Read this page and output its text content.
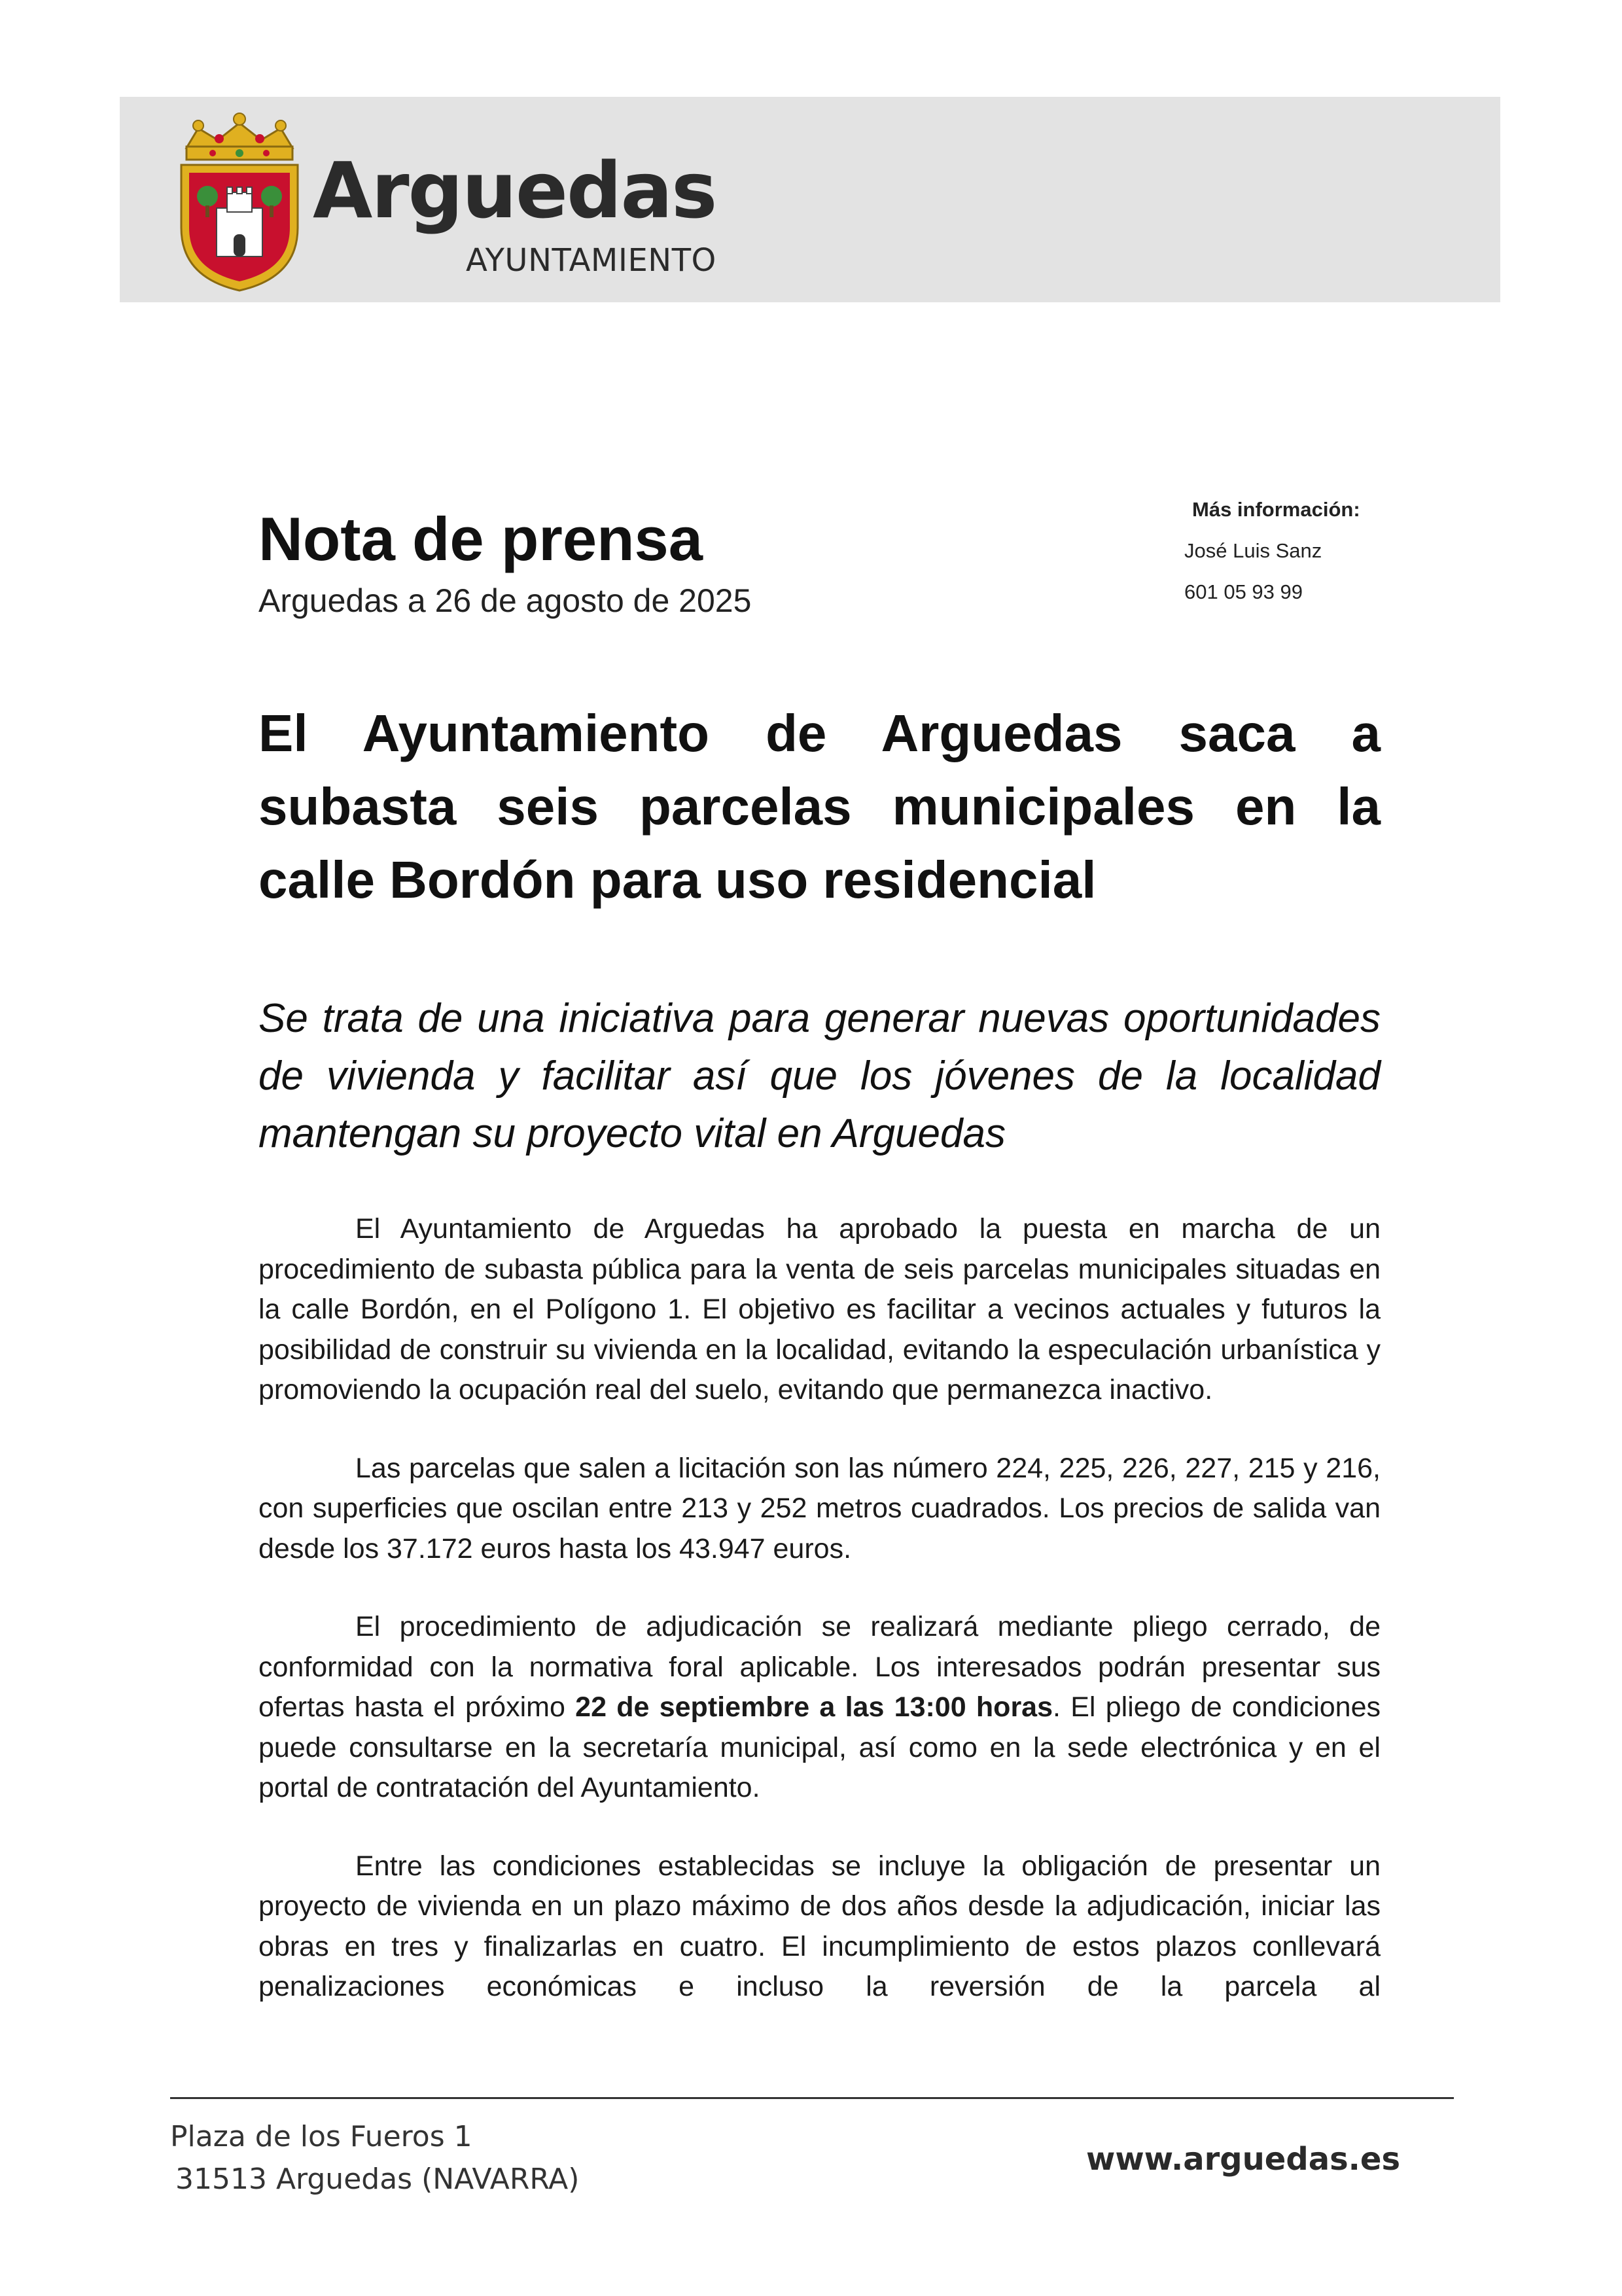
Arguedas
AYUNTAMIENTO
Nota de prensa
Arguedas a 26 de agosto de 2025
Más información:
José Luis Sanz
601 05 93 99
El Ayuntamiento de Arguedas saca a subasta seis parcelas municipales en la calle Bordón para uso residencial
Se trata de una iniciativa para generar nuevas oportunidades de vivienda y facilitar así que los jóvenes de la localidad mantengan su proyecto vital en Arguedas

El Ayuntamiento de Arguedas ha aprobado la puesta en marcha de un procedimiento de subasta pública para la venta de seis parcelas municipales situadas en la calle Bordón, en el Polígono 1. El objetivo es facilitar a vecinos actuales y futuros la posibilidad de construir su vivienda en la localidad, evitando la especulación urbanística y promoviendo la ocupación real del suelo, evitando que permanezca inactivo.

Las parcelas que salen a licitación son las número 224, 225, 226, 227, 215 y 216, con superficies que oscilan entre 213 y 252 metros cuadrados. Los precios de salida van desde los 37.172 euros hasta los 43.947 euros.

El procedimiento de adjudicación se realizará mediante pliego cerrado, de conformidad con la normativa foral aplicable. Los interesados podrán presentar sus ofertas hasta el próximo 22 de septiembre a las 13:00 horas. El pliego de condiciones puede consultarse en la secretaría municipal, así como en la sede electrónica y en el portal de contratación del Ayuntamiento.

Entre las condiciones establecidas se incluye la obligación de presentar un proyecto de vivienda en un plazo máximo de dos años desde la adjudicación, iniciar las obras en tres y finalizarlas en cuatro. El incumplimiento de estos plazos conllevará penalizaciones económicas e incluso la reversión de la parcela al

Plaza de los Fueros 1
31513 Arguedas (NAVARRA)
www.arguedas.es
